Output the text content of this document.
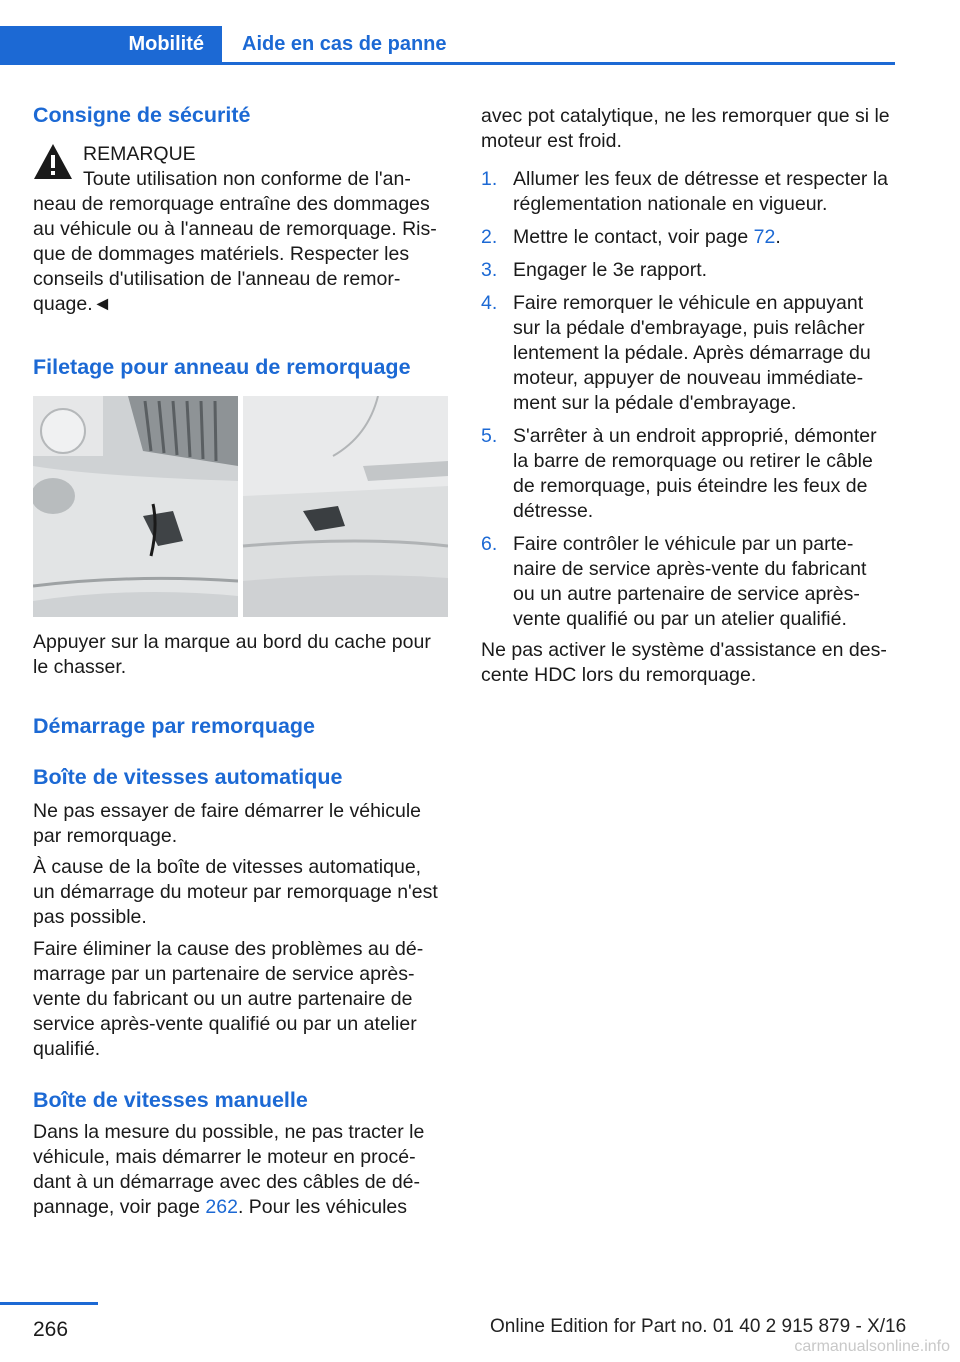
Mobilité	Aide en cas de panne
Consigne de sécurité

REMARQUE

Toute utilisation non conforme de l'an‐

neau de remorquage entraîne des dommages

au véhicule ou à l'anneau de remorquage. Ris‐

que de dommages matériels. Respecter les

conseils d'utilisation de l'anneau de remor‐

quage.◄

Filetage pour anneau de remorquage

Appuyer sur la marque au bord du cache pour

le chasser.

Démarrage par remorquage
Boîte de vitesses automatique

Ne pas essayer de faire démarrer le véhicule

par remorquage.

À cause de la boîte de vitesses automatique,

un démarrage du moteur par remorquage n'est

pas possible.

Faire éliminer la cause des problèmes au dé‐

marrage par un partenaire de service après-

vente du fabricant ou un autre partenaire de

service après-vente qualifié ou par un atelier

qualifié.

Boîte de vitesses manuelle

Dans la mesure du possible, ne pas tracter le

véhicule, mais démarrer le moteur en procé‐

dant à un démarrage avec des câbles de dé‐

pannage, voir page 262. Pour les véhicules

avec pot catalytique, ne les remorquer que si le

moteur est froid.

1. Allumer les feux de détresse et respecter la
réglementation nationale en vigueur.
2. Mettre le contact, voir page 72.
3. Engager le 3e rapport.
4. Faire remorquer le véhicule en appuyant
sur la pédale d'embrayage, puis relâcher
lentement la pédale. Après démarrage du
moteur, appuyer de nouveau immédiate‐
ment sur la pédale d'embrayage.
5. S'arrêter à un endroit approprié, démonter
la barre de remorquage ou retirer le câble
de remorquage, puis éteindre les feux de
détresse.
6. Faire contrôler le véhicule par un parte‐
naire de service après-vente du fabricant
ou un autre partenaire de service après-
vente qualifié ou par un atelier qualifié.

Ne pas activer le système d'assistance en des‐

cente HDC lors du remorquage.

266	Online Edition for Part no. 01 40 2 915 879 - X/16
carmanualsonline.info
